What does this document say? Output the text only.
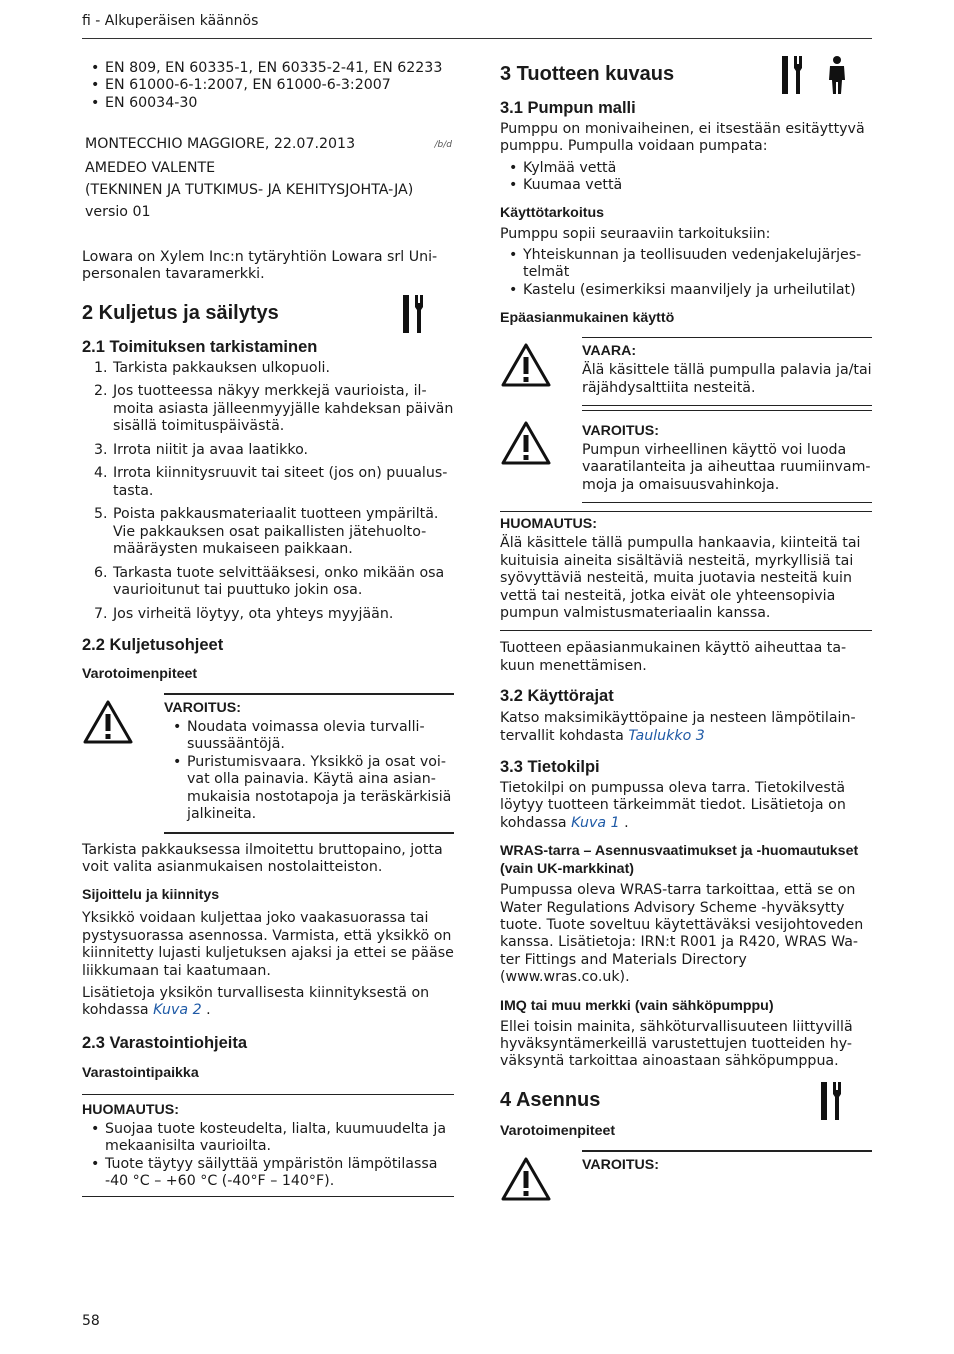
fi - Alkuperäisen käännös
• EN 809, EN 60335-1, EN 60335-2-41, EN 62233
• EN 61000-6-1:2007, EN 61000-6-3:2007
• EN 60034-30
/b/d

MONTECCHIO MAGGIORE, 22.07.2013

AMEDEO VALENTE

(TEKNINEN JA TUTKIMUS- JA KEHITYSJOHTA-JA)

versio 01

Lowara on Xylem Inc:n tytäryhtiön Lowara srl Uni-personalen tavaramerkki.

2 Kuljetus ja säilytys
2.1 Toimituksen tarkistaminen
1. Tarkista pakkauksen ulkopuoli.
2. Jos tuotteessa näkyy merkkejä vaurioista, il-moita asiasta jälleenmyyjälle kahdeksan päivän sisällä toimituspäivästä.
3. Irrota niitit ja avaa laatikko.
4. Irrota kiinnitysruuvit tai siteet (jos on) puualus-tasta.
5. Poista pakkausmateriaalit tuotteen ympäriltä. Vie pakkauksen osat paikallisten jätehuolto-määräysten mukaiseen paikkaan.
6. Tarkasta tuote selvittääksesi, onko mikään osa vaurioitunut tai puuttuko jokin osa.
7. Jos virheitä löytyy, ota yhteys myyjään.
2.2 Kuljetusohjeet
Varotoimenpiteet
VAROITUS:
• Noudata voimassa olevia turvalli-suussääntöjä.
• Puristumisvaara. Yksikkö ja osat voi-vat olla painavia. Käytä aina asian-mukaisia nostotapoja ja teräskärkisiä jalkineita.

Tarkista pakkauksessa ilmoitettu bruttopaino, jotta voit valita asianmukaisen nostolaitteiston.

Sijoittelu ja kiinnitys

Yksikkö voidaan kuljettaa joko vaakasuorassa tai pystysuorassa asennossa. Varmista, että yksikkö on kiinnitetty lujasti kuljetuksen ajaksi ja ettei se pääse liikkumaan tai kaatumaan.

Lisätietoja yksikön turvallisesta kiinnityksestä on kohdassa Kuva 2 .

2.3 Varastointiohjeita
Varastointipaikka
HUOMAUTUS:
• Suojaa tuote kosteudelta, lialta, kuumuudelta ja mekaanisilta vaurioilta.
• Tuote täytyy säilyttää ympäristön lämpötilassa -40 °C – +60 °C (-40°F – 140°F).
3 Tuotteen kuvaus
3.1 Pumpun malli

Pumppu on monivaiheinen, ei itsestään esitäyttyvä pumppu. Pumpulla voidaan pumpata:

• Kylmää vettä
• Kuumaa vettä
Käyttötarkoitus

Pumppu sopii seuraaviin tarkoituksiin:

• Yhteiskunnan ja teollisuuden vedenjakelujärjes-telmät
• Kastelu (esimerkiksi maanviljely ja urheilutilat)
Epäasianmukainen käyttö
VAARA:

Älä käsittele tällä pumpulla palavia ja/tai räjähdysalttiita nesteitä.

VAROITUS:

Pumpun virheellinen käyttö voi luoda vaaratilanteita ja aiheuttaa ruumiinvam-moja ja omaisuusvahinkoja.

HUOMAUTUS:

Älä käsittele tällä pumpulla hankaavia, kiinteitä tai kuituisia aineita sisältäviä nesteitä, myrkyllisiä tai syövyttäviä nesteitä, muita juotavia nesteitä kuin vettä tai nesteitä, jotka eivät ole yhteensopivia pumpun valmistusmateriaalin kanssa.

Tuotteen epäasianmukainen käyttö aiheuttaa ta-kuun menettämisen.

3.2 Käyttörajat

Katso maksimikäyttöpaine ja nesteen lämpötilain-tervallit kohdasta Taulukko 3

3.3 Tietokilpi

Tietokilpi on pumpussa oleva tarra. Tietokilvestä löytyy tuotteen tärkeimmät tiedot. Lisätietoja on kohdassa Kuva 1 .

WRAS-tarra – Asennusvaatimukset ja -huomautukset (vain UK-markkinat)

Pumpussa oleva WRAS-tarra tarkoittaa, että se on Water Regulations Advisory Scheme -hyväksytty tuote. Tuote soveltuu käytettäväksi vesijohtoveden kanssa. Lisätietoja: IRN:t R001 ja R420, WRAS Wa-ter Fittings and Materials Directory (www.wras.co.uk).

IMQ tai muu merkki (vain sähköpumppu)

Ellei toisin mainita, sähköturvallisuuteen liittyvillä hyväksyntämerkeillä varustettujen tuotteiden hy-väksyntä tarkoittaa ainoastaan sähköpumppua.

4 Asennus
Varotoimenpiteet
VAROITUS:
58
